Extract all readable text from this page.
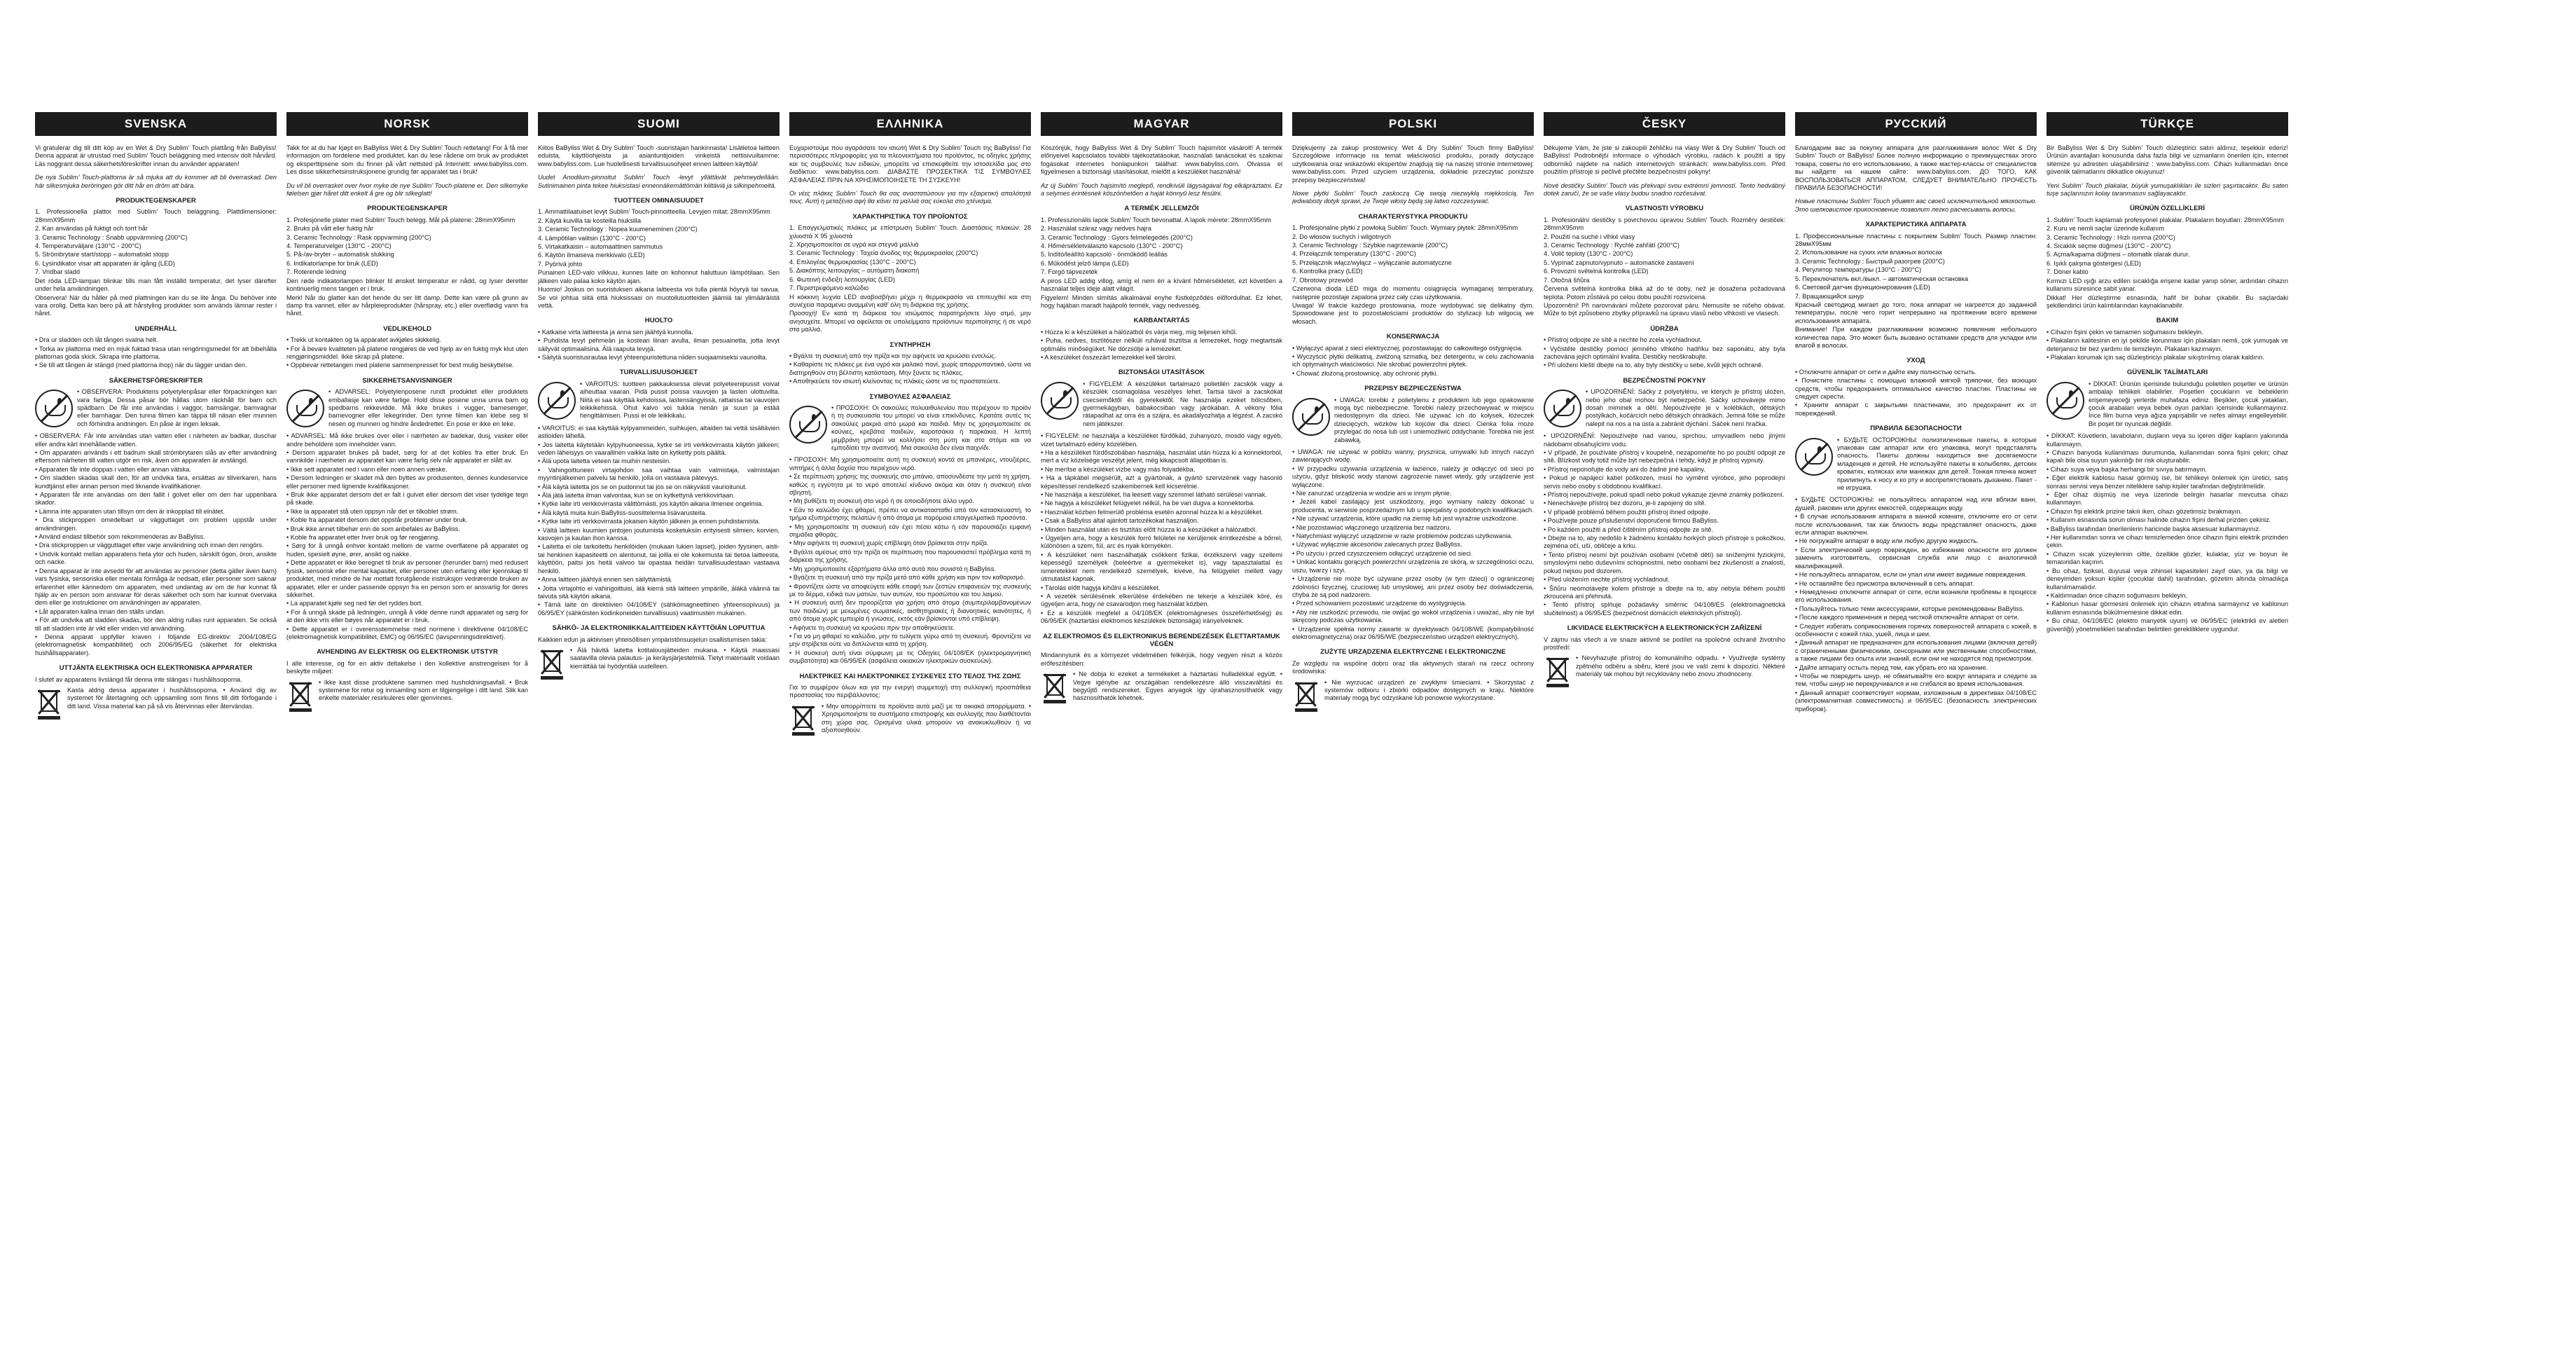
SVENSKA

Vi gratulerar dig till ditt köp av en Wet & Dry Sublim’ Touch plattång från BaByliss! Denna apparat är utrustad med Sublim’ Touch beläggning med intensiv dolt hårvård. Läs noggrant dessa säkerhetsföreskrifter innan du använder apparaten!

De nya Sublim’ Touch-plattorna är så mjuka att du kommer att bli överraskad. Den här silkesmjuka beröringen gör ditt hår en dröm att bära.

PRODUKTEGENSKAPER
1. Professionella plattor med Sublim’ Touch beläggning. Plattdimensioner: 28mmX95mm
2. Kan användas på fuktigt och torrt hår
3. Ceramic Technology : Snabb uppvärmning (200°C)
4. Temperaturväljare (130°C - 200°C)
5. Strömbrytare start/stopp – automatiskt stopp
6. Lysindikator visar att apparaten är igång (LED)
7. Vridbar sladd
Det röda LED-lampan blinkar tills man fått inställd temperatur, det lyser därefter under hela användningen.
Observera! När du håller på med plattningen kan du se lite ånga. Du behöver inte vara orolig. Detta kan bero på att hårstyling produkter som används lämnar rester i håret.
UNDERHÅLL
• Dra ur sladden och låt tången svalna helt.
• Torka av plattorna med en mjuk fuktad trasa utan rengöringsmedel för att bibehålla plattornas goda skick. Skrapa inte plattorna.
• Se till att tången är stängd (med plattorna ihop) när du lägger undan den.
SÄKERHETSFÖRESKRIFTER
• OBSERVERA: Produktens polyetylenpåsar eller förpackningen kan vara farliga. Dessa påsar bör hållas utom räckhåll för barn och spädbarn. De får inte användas i vaggor, barnsängar, barnvagnar eller barnhagar. Den tunna filmen kan täppa till näsan eller munnen och förhindra andningen. En påse är ingen leksak.
• OBSERVERA: Får inte användas utan vatten eller i närheten av badkar, duschar eller andra kärl innehållande vatten.
• Om apparaten används i ett badrum skall strömbrytaren slås av efter användning eftersom närheten till vatten utgör en risk, även om apparaten är avstängd.
• Apparaten får inte doppas i vatten eller annan vätska.
• Om sladden skadas skall den, för att undvika fara, ersättas av tillverkaren, hans kundtjänst eller annan person med liknande kvalifikationer.
• Apparaten får inte användas om den fallit i golvet eller om den har uppenbara skador.
• Lämna inte apparaten utan tillsyn om den är inkopplad till elnätet.
• Dra stickproppen omedelbart ur vägguttaget om problem uppstår under användningen.
• Använd endast tillbehör som rekommenderas av BaByliss.
• Dra stickproppen ur vägguttaget efter varje användning och innan den rengörs.
• Undvik kontakt mellan apparatens heta ytor och huden, särskilt ögon, öron, ansikte och nacke.
• Denna apparat är inte avsedd för att användas av personer (detta gäller även barn) vars fysiska, sensoriska eller mentala förmåga är nedsatt, eller personer som saknar erfarenhet eller kännedom om apparaten, med undantag av om de har kunnat få hjälp av en person som ansvarar för deras säkerhet och som har kunnat övervaka dem eller ge instruktioner om användningen av apparaten.
• Låt apparaten kallna innan den ställs undan.
• För att undvika att sladden skadas, bör den aldrig rullas runt apparaten. Se också till att sladden inte är vikt eller vriden vid användning.
• Denna apparat uppfyller kraven i följande EG-direktiv: 2004/108/EG (elektromagnetisk kompatibilitet) och 2006/95/EG (säkerhet för elektriska hushållsapparater).
UTTJÄNTA ELEKTRISKA OCH ELEKTRONISKA APPARATER
I slutet av apparatens livslängd får denna inte slängas i hushållssoporna.
Kasta aldrig dessa apparater i hushållssoporna. • Använd dig av systemet för återtagning och uppsamling som finns till ditt förfogande i ditt land. Vissa material kan på så vis återvinnas eller återvändas.
NORSK

Takk for at du har kjøpt en BaByliss Wet & Dry Sublim’ Touch rettetang! For å få mer informasjon om fordelene med produktet, kan du lese rådene om bruk av produktet og eksperttipsene som du finner på vårt nettsted på Internett: www.babyliss.com. Les disse sikkerhetsinstruksjonene grundig før apparatet tas i bruk!

Du vil bli overrasket over hvor myke de nye Sublim’ Touch-platene er. Den silkemyke følelsen gjør håret ditt enkelt å gre og blir silkeglatt!

PRODUKTEGENSKAPER
1. Profesjonelle plater med Sublim’ Touch belegg. Mål på platene: 28mmX95mm
2. Bruks på vått eller fuktig hår
3. Ceramic Technology : Rask oppvarming (200°C)
4. Temperaturvelger (130°C - 200°C)
5. På-/av-bryter – automatisk slukking
6. Indikatorlampe for bruk (LED)
7. Roterende ledning
Den røde indikatorlampen blinker til ønsket temperatur er nådd, og lyser deretter kontinuerlig mens tangen er i bruk.
Merk! Når du glatter kan det hende du ser litt damp. Dette kan være på grunn av damp fra vannet, eller av hårpleieprodukter (hårspray, etc.) eller overflødig vann fra håret.
VEDLIKEHOLD
• Trekk ut kontakten og la apparatet avkjøles skikkelig.
• For å bevare kvaliteten på platene rengjøres de ved hjelp av en fuktig myk klut uten rengjøringsmiddel. Ikke skrap på platene.
• Oppbevar rettetangen med platene sammenpresset for best mulig beskyttelse.
SIKKERHETSANVISNINGER
• ADVARSEL: Polyetylenposene rundt produktet eller produktets emballasje kan være farlige. Hold disse posene unna unna barn og spedbarns rekkevidde. Må ikke brukes i vugger, barnesenger, barnevogner eller lekegrinder. Den tynne filmen kan klebe seg til nesen og munnen og hindre åndedrettet. En pose er ikke en leke.
• ADVARSEL: Må ikke brukes over eller i nærheten av badekar, dusj, vasker eller andre beholdere som inneholder vann.
• Dersom apparatet brukes på badet, sørg for at det kobles fra etter bruk. En vannkilde i nærheten av apparatet kan være farlig selv når apparatet er slått av.
• Ikke sett apparatet ned i vann eller noen annen væske.
• Dersom ledningen er skadet må den byttes av produsenten, dennes kundeservice eller personer med lignende kvalifikasjoner.
• Bruk ikke apparatet dersom det er falt i gulvet eller dersom det viser tydelige tegn på skade.
• Ikke la apparatet stå uten oppsyn når det er tilkoblet strøm.
• Koble fra apparatet dersom det oppstår problemer under bruk.
• Bruk ikke annet tilbehør enn de som anbefales av BaByliss.
• Koble fra apparatet etter hver bruk og før rengjøring.
• Sørg for å unngå enhver kontakt mellom de varme overflatene på apparatet og huden, spesielt øyne, ører, ansikt og nakke.
• Dette apparatet er ikke beregnet til bruk av personer (herunder barn) med redusert fysisk, sensorisk eller mental kapasitet, eller personer uten erfaring eller kjennskap til produktet, med mindre de har mottatt forutgående instruksjon vedrørende bruken av apparatet, eller er under passende oppsyn fra en person som er ansvarlig for deres sikkerhet.
• La apparatet kjøle seg ned før det ryddes bort.
• For å unngå skade på ledningen, unngå å vikle denne rundt apparatet og sørg for at den ikke vris eller bøyes når apparatet er i bruk.
• Dette apparatet er i overensstemmelse med normene i direktivene 04/108/EC (elektromagnetisk kompatibilitet, EMC) og 06/95/EC (lavspenningsdirektivet).
AVHENDING AV ELEKTRISK OG ELEKTRONISK UTSTYR
I alle interesse, og for en aktiv deltakelse i den kollektive anstrengelsen for å beskytte miljøet:
• Ikke kast disse produktene sammen med husholdningsavfall. • Bruk systemene for retur og innsamling som er tilgjengelige i ditt land. Slik kan enkelte materialer resirkuleres eller gjenvinnes.
SUOMI

Kiitos BaByliss Wet & Dry Sublim’ Touch -suoristajan hankinnasta! Lisätietoa laitteen eduista, käyttöohjeista ja asiantuntijoiden vinkeistä nettisivuiltamme: www.babyliss.com. Lue huolellisesti turvallisuusohjeet ennen laitteen käyttöä!

Uudet Anodilum-pinnoitut Sublim’ Touch -levyt yllättävät pehmeydellään. Sutinimainen pinta tekee hiuksistasi ennennäkemättömän kiiltäviä ja silkinpehmeitä.

TUOTTEEN OMINAISUUDET
1. Ammattilaatuiset levyt Sublim’ Touch-pinnoitteella. Levyjen mitat: 28mmX95mm
2. Käytä kuivilla tai kosteilla hiuksilla
3. Ceramic Technology : Nopea kuumeneminen (200°C)
4. Lämpötilan valitsin (130°C - 200°C)
5. Virtakatkaisin – automaattinen sammutus
6. Käytön ilmaiseva merkkivalo (LED)
7. Pyörivä johto
Punainen LED-valo vilkkuu, kunnes laite on kohonnut haluttuun lämpötilaan. Sen jälkeen valo palaa koko käytön ajan.
Huomio! Joskus on suoristuksen aikana laitteesta voi tulla pientä höyryä tai savua. Se voi johtua siitä että hiuksissasi on muotoilutuotteiden jäämiä tai ylimääräistä vettä.
HUOLTO
• Katkaise virta laitteesta ja anna sen jäähtyä kunnolla.
• Puhdista levyt pehmeän ja kostean liinan avulla, ilman pesuainetta, jotta levyt säilyvät optimaalisina. Älä raaputa levyjä.
• Säilytä suoristusrautaa levyt yhteenpuristettuna niiden suojaamiseksi vaurioilta.
TURVALLISUUSOHJEET
• VAROITUS: tuotteen pakkauksessa olevat polyeteenipussit voivat aiheuttaa vaaran. Pidä pussit poissa vauvojen ja lasten ulottuvilta. Niitä ei saa käyttää kehdoissa, lastensängyissä, rattaissa tai vauvojen leikkikehissä. Ohut kalvo voi tukkia nenän ja suun ja estää hengittämisen. Pussi ei ole leikkikalu.
• VAROITUS: ei saa käyttää kylpyammeiden, suihkujen, altaiden tai vettä sisältävien astioiden lähellä.
• Jos laitetta käytetään kylpyhuoneessa, kytke se irti verkkovirrasta käytön jälkeen; veden läheisyys on vaarallinen vaikka laite on kytketty pois päältä.
• Älä upota laitetta veteen tai muihin nesteisiin.
• Vahingoittuneen virtajohdon saa vaihtaa vain valmistaja, valmistajan myyntinjälkeinen palvelu tai henkilö, jolla on vastaava pätevyys.
• Älä käytä laitetta jos se on pudonnut tai jos se on näkyvästi vaurioitunut.
• Älä jätä laitetta ilman valvontaa, kun se on kytkettynä verkkovirtaan.
• Kytke laite irti verkkovirrasta välittömästi, jos käytön aikana ilmenee ongelmia.
• Älä käytä muita kuin BaByliss-suosittelemia lisävarusteita.
• Kytke laite irti verkkovirrasta jokaisen käytön jälkeen ja ennen puhdistamista.
• Vältä laitteen kuumien pintojen joutumista kosketuksiin erityisesti silmien, korvien, kasvojen ja kaulan ihon kanssa.
• Laitetta ei ole tarkoitettu henkilöiden (mukaan lukien lapset), joiden fyysinen, aisti- tai henkinen kapasiteetti on alentunut, tai joilla ei ole kokemusta tai tietoa laitteesta, käyttöön, paitsi jos heitä valvoo tai opastaa heidän turvallisuudestaan vastaava henkilö.
• Anna laitteen jäähtyä ennen sen säilyttämistä.
• Jotta virtajohto ei vahingoittuisi, älä kierrä sitä laitteen ympärille, äläkä väännä tai taivuta sitä käytön aikana.
• Tämä laite on direktiivien 04/108/EY (sähkömagneettinen yhteensopivuus) ja 06/95/EY (sähköisten kodinkoneiden turvallisuus) vaatimusten mukainen.
SÄHKÖ- JA ELEKTRONIIKKALAITTEIDEN KÄYTTÖIÄN LOPUTTUA
Kaikkien edun ja aktiivisen yhteisöllisen ympäristönsuojelun osallistumisen takia:
• Älä hävitä laitetta kotitalousjätteiden mukana. • Käytä maassasi saatavilla olevia palautus- ja keräysjärjestelmiä. Tietyt materiaalit voidaan kierrättää tai hyödyntää uudelleen.
ΕΛΛΗΝΙΚΑ

Ευχαριστούμε που αγοράσατε τον ισιωτή Wet & Dry Sublim’ Touch της BaByliss! Για περισσότερες πληροφορίες για τα πλεονεκτήματα του προϊόντος, τις οδηγίες χρήσης και τις συμβουλές των ειδικών, μπορείτε να επισκεφθείτε την ιστοσελίδα μας στο διαδίκτυο: www.babyliss.com. ΔΙΑΒΑΣΤΕ ΠΡΟΣΕΚΤΙΚΑ ΤΙΣ ΣΥΜΒΟΥΛΕΣ ΑΣΦΑΛΕΙΑΣ ΠΡΙΝ ΝΑ ΧΡΗΣΙΜΟΠΟΙΗΣΕΤΕ ΤΗ ΣΥΣΚΕΥΗ!

Οι νέες πλάκες Sublim’ Touch θα σας αναστατώσουν για την εξαιρετική απαλότητά τους. Αυτή η μεταξένια αφή θα κάνει τα μαλλιά σας εύκολα στο χτένισμα.

ΧΑΡΑΚΤΗΡΙΣΤΙΚΑ ΤΟΥ ΠΡΟΪΟΝΤΟΣ
1. Επαγγελματικές πλάκες με επίστρωση Sublim’ Touch. Διαστάσεις πλακών: 28 χιλιοστά X 95 χιλιοστά
2. Χρησιμοποιείται σε υγρά και στεγνά μαλλιά
3. Ceramic Technology : Ταχεία άνοδος της θερμοκρασίας (200°C)
4. Επιλογέας θερμοκρασίας (130°C - 200°C)
5. Διακόπτης λειτουργίας – αυτόματη διακοπή
6. Φωτεινή ένδειξη λειτουργίας (LED)
7. Περιστρεφόμενο καλώδιο
Η κόκκινη λυχνία LED αναβοσβήνει μέχρι η θερμοκρασία να επιτευχθεί και στη συνέχεια παραμένει αναμμένη καθ' όλη τη διάρκεια της χρήσης.
Προσοχή! Εν κατά τη διάρκεια του ισιώματος παρατηρήσετε λίγο ατμό, μην ανησυχείτε. Μπορεί να οφείλεται σε υπολείμματα προϊόντων περιποίησης ή σε νερό στα μαλλιά.
ΣΥΝΤΗΡΗΣΗ
• Βγάλτε τη συσκευή από την πρίζα και την αφήνετε να κρυώσει εντελώς.
• Καθαρίστε τις πλάκες με ένα υγρό και μαλακό πανί, χωρίς απορρυπαντικό, ώστε να διατηρηθούν στη βέλτιστη κατάσταση. Μην ξύνετε τις πλάκες.
• Αποθηκεύετε τον ισιωτή κλείνοντας τις πλάκες ώστε να τις προστατεύετε.
ΣΥΜΒΟΥΛΕΣ ΑΣΦΑΛΕΙΑΣ
• ΠΡΟΣΟΧΗ: Οι σακούλες πολυαιθυλενίου που περιέχουν το προϊόν ή τη συσκευασία του μπορεί να είναι επικίνδυνες. Κρατάτε αυτές τις σακούλες μακριά από μωρά και παιδιά. Μην τις χρησιμοποιείτε σε κούνιες, κρεβάτια παιδιών, καροτσάκια ή παρκάκια. Η λεπτή μεμβράνη μπορεί να κολλήσει στη μύτη και στο στόμα και να εμποδίσει την αναπνοή. Μια σακούλα δεν είναι παιχνίδι.
• ΠΡΟΣΟΧΗ: Μη χρησιμοποιείτε αυτή τη συσκευή κοντά σε μπανιέρες, ντουζιέρες, νιπτήρες ή άλλα δοχεία που περιέχουν νερό.
• Σε περίπτωση χρήσης της συσκευής στο μπάνιο, αποσυνδέστε την μετά τη χρήση, καθώς η εγγύτητα με το νερό αποτελεί κίνδυνο ακόμα και όταν η συσκευή είναι σβηστή.
• Μη βυθίζετε τη συσκευή στο νερό ή σε οποιοδήποτε άλλο υγρό.
• Εάν το καλώδιο έχει φθαρεί, πρέπει να αντικατασταθεί από τον κατασκευαστή, το τμήμα εξυπηρέτησης πελατών ή από άτομα με παρόμοια επαγγελματικά προσόντα.
• Μη χρησιμοποιείτε τη συσκευή εάν έχει πέσει κάτω ή εάν παρουσιάζει εμφανή σημάδια φθοράς.
• Μην αφήνετε τη συσκευή χωρίς επίβλεψη όταν βρίσκεται στην πρίζα.
• Βγάλτε αμέσως από την πρίζα σε περίπτωση που παρουσιαστεί πρόβλημα κατά τη διάρκεια της χρήσης.
• Μη χρησιμοποιείτε εξαρτήματα άλλα από αυτά που συνιστά η BaByliss.
• Βγάζετε τη συσκευή από την πρίζα μετά από κάθε χρήση και πριν τον καθαρισμό.
• Φροντίζετε ώστε να αποφεύγετε κάθε επαφή των ζεστών επιφανειών της συσκευής με το δέρμα, ειδικά των ματιών, των αυτιών, του προσώπου και του λαιμού.
• Η συσκευή αυτή δεν προορίζεται για χρήση από άτομα (συμπεριλαμβανομένων των παιδιών) με μειωμένες σωματικές, αισθητηριακές ή διανοητικές ικανότητες, ή από άτομα χωρίς εμπειρία ή γνώσεις, εκτός εάν βρίσκονται υπό επίβλεψη.
• Αφήνετε τη συσκευή να κρυώσει πριν την αποθηκεύσετε.
• Για να μη φθαρεί το καλώδιο, μην το τυλίγετε γύρω από τη συσκευή. Φροντίζετε να μην στρίβεται ούτε να διπλώνεται κατά τη χρήση.
• Η συσκευή αυτή είναι σύμφωνη με τις Οδηγίες 04/108/ΕΚ (ηλεκτρομαγνητική συμβατότητα) και 06/95/ΕΚ (ασφάλεια οικιακών ηλεκτρικών συσκευών).
ΗΛΕΚΤΡΙΚΕΣ ΚΑΙ ΗΛΕΚΤΡΟΝΙΚΕΣ ΣΥΣΚΕΥΕΣ ΣΤΟ ΤΕΛΟΣ ΤΗΣ ΖΩΗΣ
Για το συμφέρον όλων και για την ενεργή συμμετοχή στη συλλογική προσπάθεια προστασίας του περιβάλλοντος:
• Μην απορρίπτετε τα προϊόντα αυτά μαζί με τα οικιακά απορρίμματα. • Χρησιμοποιήστε τα συστήματα επιστροφής και συλλογής που διαθέτονται στη χώρα σας. Ορισμένα υλικά μπορούν να ανακυκλωθούν ή να αξιοποιηθούν.
MAGYAR

Köszönjük, hogy BaByliss Wet & Dry Sublim’ Touch hajsimítót vásárolt! A termék előnyeivel kapcsolatos további tájékoztatásokat, használati tanácsokat és szakmai fogásokat internetes honlapunkon találhat: www.babyliss.com. Olvassa el figyelmesen a biztonsági utasításokat, mielőtt a készüléket használná!

Az új Sublim’ Touch hajsimító meglepő, rendkívüli lágyságával fog elkápráztatni. Ez a selymes érintésnek köszönhetően a haját könnyű lesz fésülni.

A TERMÉK JELLEMZŐI
1. Professzionális lapok Sublim’ Touch bevonattal. A lapok mérete: 28mmX95mm
2. Használat száraz vagy nedves hajra
3. Ceramic Technology : Gyors felmelegedés (200°C)
4. Hőmérsékletválasztó kapcsoló (130°C - 200°C)
5. Indító/leállító kapcsoló - önműködő leállás
6. Működést jelző lámpa (LED)
7. Forgó tápvezeték
A piros LED addig villog, amíg el nem éri a kívánt hőmérsékletet, ezt követően a használat teljes ideje alatt világít.
Figyelem! Minden simítás alkalmával enyhe füstképződés előfordulhat. Ez lehet, hogy hajában maradt hajápoló termék, vagy nedvesség.
KARBANTARTÁS
• Húzza ki a készüléket a hálózatból és várja meg, míg teljesen kihűl.
• Puha, nedves, tisztítószer nélküli ruhával tisztítsa a lemezeket, hogy megtartsák optimális minőségüket. Ne dörzsölje a lemezeket.
• A készüléket összezárt lemezekkel kell tárolni.
BIZTONSÁGI UTASÍTÁSOK
• FIGYELEM: A készüléket tartalmazó polietilén zacskók vagy a készülék csomagolása veszélyes lehet. Tartsa távol a zacskókat csecsemőktől és gyerekektől. Ne használja ezeket bölcsőben, gyermekágyban, babakocsiban vagy járókában. A vékony fólia rátapadhat az orra és a szájra, és akadályozhatja a légzést. A zacskó nem játékszer.
• FIGYELEM: ne használja a készüléket fürdőkád, zuhanyozó, mosdó vagy egyéb, vizet tartalmazó edény közelében.
• Ha a készüléket fürdőszobában használja, használat után húzza ki a konnektorból, mert a víz közelsége veszélyt jelent, még kikapcsolt állapotban is.
• Ne merítse a készüléket vízbe vagy más folyadékba.
• Ha a tápkábel megsérült, azt a gyártónak, a gyártó szervizének vagy hasonló képesítéssel rendelkező szakembernek kell kicserélnie.
• Ne használja a készüléket, ha leesett vagy szemmel látható sérülései vannak.
• Ne hagyja a készüléket felügyelet nélkül, ha be van dugva a konnektorba.
• Használat közben felmerülő probléma esetén azonnal húzza ki a készüléket.
• Csak a BaByliss által ajánlott tartozékokat használjon.
• Minden használat után és tisztítás előtt húzza ki a készüléket a hálózatból.
• Ügyeljen arra, hogy a készülék forró felületei ne kerüljenek érintkezésbe a bőrrel, különösen a szem, fül, arc és nyak környékén.
• A készüléket nem használhatják csökkent fizikai, érzékszervi vagy szellemi képességű személyek (beleértve a gyermekeket is), vagy tapasztalattal és ismeretekkel nem rendelkező személyek, kivéve, ha felügyelet mellett vagy útmutatást kapnak.
• Tárolás előtt hagyja kihűlni a készüléket.
• A vezeték sérülésének elkerülése érdekében ne tekerje a készülék köré, és ügyeljen arra, hogy ne csavarodjon meg használat közben.
• Ez a készülék megfelel a 04/108/EK (elektromágneses összeférhetőség) és 06/95/EK (háztartási elektromos készülékek biztonsága) irányelveknek.
AZ ELEKTROMOS ÉS ELEKTRONIKUS BERENDEZÉSEK ÉLETTARTAMUK VÉGÉN
Mindannyiunk és a környezet védelmében felkérjük, hogy vegyen részt a közös erőfeszítésben:
• Ne dobja ki ezeket a termékeket a háztartási hulladékkal együtt. • Vegye igénybe az országában rendelkezésre álló visszaváltási és begyűjtő rendszereket. Egyes anyagok így újrahasznosíthatók vagy hasznosíthatók lehetnek.
POLSKI

Dziękujemy za zakup prostownicy Wet & Dry Sublim’ Touch firmy BaByliss! Szczegółowe informacje na temat właściwości produktu, porady dotyczące użytkowania oraz wskazówki ekspertów znajdują się na naszej stronie internetowej: www.babyliss.com. Przed użyciem urządzenia, dokładnie przeczytać poniższe przepisy bezpieczeństwa!

Nowe płytki Sublim’ Touch zaskoczą Cię swoją niezwykłą miękkością. Ten jedwabisty dotyk sprawi, że Twoje włosy będą się łatwo rozczesywać.

CHARAKTERYSTYKA PRODUKTU
1. Profesjonalne płytki z powłoką Sublim’ Touch. Wymiary płytek: 28mmX95mm
2. Do włosów suchych i wilgotnych
3. Ceramic Technology : Szybkie nagrzewanie (200°C)
4. Przełącznik temperatury (130°C - 200°C)
5. Przełącznik włącz/wyłącz – wyłączanie automatyczne
6. Kontrolka pracy (LED)
7. Obrotowy przewód
Czerwona dioda LED miga do momentu osiągnięcia wymaganej temperatury, następnie pozostaje zapalona przez cały czas użytkowania.
Uwaga! W trakcie każdego prostowania, może wydobywać się delikatny dym. Spowodowane jest to pozostałościami produktów do stylizacji lub wilgocią we włosach.
KONSERWACJA
• Wyłączyć aparat z sieci elektrycznej, pozostawiając do całkowitego ostygnięcia.
• Wyczyścić płytki delikatną, zwilżoną szmatką, bez detergentu, w celu zachowania ich optymalnych właściwości. Nie skrobać powierzchni płytek.
• Chować złożoną prostownicę, aby ochronić płytki.
PRZEPISY BEZPIECZEŃSTWA
• UWAGA: torebki z polietylenu z produktem lub jego opakowanie mogą być niebezpieczne. Torebki należy przechowywać w miejscu niedostępnym dla dzieci. Nie używać ich do kołysek, łóżeczek dziecięcych, wózków lub kojców dla dzieci. Cienka folia może przylegać do nosa lub ust i uniemożliwić oddychanie. Torebka nie jest zabawką.
• UWAGA: nie używać w pobliżu wanny, prysznica, umywalki lub innych naczyń zawierających wodę.
• W przypadku używania urządzenia w łazience, należy je odłączyć od sieci po użyciu, gdyż bliskość wody stanowi zagrożenie nawet wtedy, gdy urządzenie jest wyłączone.
• Nie zanurzać urządzenia w wodzie ani w innym płynie.
• Jeżeli kabel zasilający jest uszkodzony, jego wymiany należy dokonać u producenta, w serwisie posprzedażnym lub u specjalisty o podobnych kwalifikacjach.
• Nie używać urządzenia, które upadło na ziemię lub jest wyraźnie uszkodzone.
• Nie pozostawiać włączonego urządzenia bez nadzoru.
• Natychmiast wyłączyć urządzenie w razie problemów podczas użytkowania.
• Używać wyłącznie akcesoriów zalecanych przez BaByliss.
• Po użyciu i przed czyszczeniem odłączyć urządzenie od sieci.
• Unikać kontaktu gorących powierzchni urządzenia ze skórą, w szczególności oczu, uszu, twarzy i szyi.
• Urządzenie nie może być używane przez osoby (w tym dzieci) o ograniczonej zdolności fizycznej, czuciowej lub umysłowej, ani przez osoby bez doświadczenia, chyba że są pod nadzorem.
• Przed schowaniem pozostawić urządzenie do wystygnięcia.
• Aby nie uszkodzić przewodu, nie owijać go wokół urządzenia i uważać, aby nie był skręcony podczas użytkowania.
• Urządzenie spełnia normy zawarte w dyrektywach 04/108/WE (kompatybilność elektromagnetyczna) oraz 06/95/WE (bezpieczeństwo urządzeń elektrycznych).
ZUŻYTE URZĄDZENIA ELEKTRYCZNE I ELEKTRONICZNE
Ze względu na wspólne dobro oraz dla aktywnych starań na rzecz ochrony środowiska:
• Nie wyrzucać urządzeń ze zwykłymi śmieciami. • Skorzystać z systemów odbioru i zbiórki odpadów dostępnych w kraju. Niektóre materiały mogą być odzyskane lub ponownie wykorzystane.
ČESKY

Děkujeme Vám, že jste si zakoupili žehličku na vlasy Wet & Dry Sublim’ Touch od BaByliss! Podrobnější informace o výhodách výrobku, radách k použití a tipy odborníků najdete na našich internetových stránkách: www.babyliss.com. Před použitím přístroje si pečlivě přečtěte bezpečnostní pokyny!

Nové destičky Sublim’ Touch vás překvapí svou extrémní jemností. Tento hedvábný dotek zaručí, že se vaše vlasy budou snadno rozčesávat.

VLASTNOSTI VÝROBKU
1. Profesionální destičky s povrchovou úpravou Sublim’ Touch. Rozměry destiček: 28mmX95mm
2. Použití na suché i vlhké vlasy
3. Ceramic Technology : Rychlé zahřátí (200°C)
4. Volič teploty (130°C - 200°C)
5. Vypínač zapnuto/vypnuto – automatické zastavení
6. Provozní světelná kontrolka (LED)
7. Otočná šňůra
Červená světelná kontrolka bliká až do té doby, než je dosažena požadovaná teplota. Potom zůstává po celou dobu použití rozsvícena.
Upozornění! Při narovnávání můžete pozorovat páru. Nemusíte se ničeho obávat. Může to být způsobeno zbytky přípravků na úpravu vlasů nebo vlhkostí ve vlasech.
ÚDRŽBA
• Přístroj odpojte ze sítě a nechte ho zcela vychladnout.
• Vyčistěte destičky pomocí jemného vlhkého hadříku bez saponátu, aby byla zachována jejich optimální kvalita. Destičky neoškrabujte.
• Při uložení kleští dbejte na to, aby byly destičky u sebe, kvůli jejich ochraně.
BEZPEČNOSTNÍ POKYNY
• UPOZORNĚNÍ: Sáčky z polyetylénu, ve kterých je přístroj uložen, nebo jeho obal mohou být nebezpečné. Sáčky uchovávejte mimo dosah miminek a dětí. Nepoužívejte je v kolébkách, dětských postýlkách, kočárcích nebo dětských ohrádkách. Jemná fólie se může nalepit na nos a na ústa a zabránit dýchání. Sáček není hračka.
• UPOZORNĚNÍ: Nepoužívejte nad vanou, sprchou, umyvadlem nebo jinými nádobami obsahujícími vodu.
• V případě, že používáte přístroj v koupelně, nezapomeňte ho po použití odpojit ze sítě. Blízkost vody totiž může být nebezpečná i tehdy, když je přístroj vypnutý.
• Přístroj neponořujte do vody ani do žádné jiné kapaliny.
• Pokud je napájecí kabel poškozen, musí ho vyměnit výrobce, jeho poprodejní servis nebo osoby s obdobnou kvalifikací.
• Přístroj nepoužívejte, pokud spadl nebo pokud vykazuje zjevné známky poškození.
• Nenechávejte přístroj bez dozoru, je-li zapojený do sítě.
• V případě problémů během použití přístroj ihned odpojte.
• Používejte pouze příslušenství doporučené firmou BaByliss.
• Po každém použití a před čištěním přístroj odpojte ze sítě.
• Dbejte na to, aby nedošlo k žádnému kontaktu horkých ploch přístroje s pokožkou, zejména očí, uší, obličeje a krku.
• Tento přístroj nesmí být používán osobami (včetně dětí) se sníženými fyzickými, smyslovými nebo duševními schopnostmi, nebo osobami bez zkušeností a znalostí, pokud nejsou pod dozorem.
• Před uložením nechte přístroj vychladnout.
• Šňůru neomotávejte kolem přístroje a dbejte na to, aby nebyla během použití zkroucená ani přehnutá.
• Tento přístroj splňuje požadavky směrnic 04/108/ES (elektromagnetická slučitelnost) a 06/95/ES (bezpečnost domácích elektrických přístrojů).
LIKVIDACE ELEKTRICKÝCH A ELEKTRONICKÝCH ZAŘÍZENÍ
V zájmu nás všech a ve snaze aktivně se podílet na společné ochraně životního prostředí:
• Nevyhazujte přístroj do komunálního odpadu. • Využívejte systémy zpětného odběru a sběru, které jsou ve vaší zemi k dispozici. Některé materiály tak mohou být recyklovány nebo znovu zhodnoceny.
РУССКИЙ

Благодарим вас за покупку аппарата для разглаживания волос Wet & Dry Sublim’ Touch от BaByliss! Более полную информацию о преимуществах этого товара, советы по его использованию, а также мастер-классы от специалистов вы найдете на нашем сайте: www.babyliss.com. ДО ТОГО, КАК ВОСПОЛЬЗОВАТЬСЯ АППАРАТОМ, СЛЕДУЕТ ВНИМАТЕЛЬНО ПРОЧЕСТЬ ПРАВИЛА БЕЗОПАСНОСТИ!

Новые пластины Sublim’ Touch удивят вас своей исключительной мягкостью. Это шелковистое прикосновение позволит легко расчесывать волосы.

ХАРАКТЕРИСТИКА АППАРАТА
1. Профессиональные пластины с покрытием Sublim’ Touch. Размер пластин: 28ммX95мм
2. Использование на сухих или влажных волосах
3. Ceramic Technology : Быстрый разогрев (200°C)
4. Регулятор температуры (130°C - 200°C)
5. Переключатель вкл./выкл. – автоматическая остановка
6. Световой датчик функционирования (LED)
7. Вращающийся шнур
Красный светодиод мигает до того, пока аппарат не нагреется до заданной температуры, после чего горит непрерывно на протяжении всего времени использования аппарата.
Внимание! При каждом разглаживании возможно появление небольшого количества пара. Это может быть вызвано остатками средств для укладки или влагой в волосах.
УХОД
• Отключите аппарат от сети и дайте ему полностью остыть.
• Почистите пластины с помощью влажной мягкой тряпочки, без моющих средств, чтобы предохранить оптимальное качество пластин. Пластины не следует скрести.
• Храните аппарат с закрытыми пластинами, это предохранит их от повреждений.
ПРАВИЛА БЕЗОПАСНОСТИ
• БУДЬТЕ ОСТОРОЖНЫ: полиэтиленовые пакеты, в которые упакован сам аппарат или его упаковка, могут представлять опасность. Пакеты должны находиться вне досягаемости младенцев и детей. Не используйте пакеты в колыбелях, детских кроватях, колясках или манежах для детей. Тонкая пленка может прилипнуть к носу и ко рту и воспрепятствовать дыханию. Пакет - не игрушка.
• БУДЬТЕ ОСТОРОЖНЫ: не пользуйтесь аппаратом над или вблизи ванн, душей, раковин или других емкостей, содержащих воду.
• В случае использования аппарата в ванной комнате, отключите его от сети после использования, так как близость воды представляет опасность, даже если аппарат выключен.
• Не погружайте аппарат в воду или любую другую жидкость.
• Если электрический шнур поврежден, во избежание опасности его должен заменить изготовитель, сервисная служба или лицо с аналогичной квалификацией.
• Не пользуйтесь аппаратом, если он упал или имеет видимые повреждения.
• Не оставляйте без присмотра включенный в сеть аппарат.
• Немедленно отключите аппарат от сети, если возникли проблемы в процессе его использования.
• Пользуйтесь только теми аксессуарами, которые рекомендованы BaByliss.
• После каждого применения и перед чисткой отключайте аппарат от сети.
• Следует избегать соприкосновения горячих поверхностей аппарата с кожей, в особенности с кожей глаз, ушей, лица и шеи.
• Данный аппарат не предназначен для использования лицами (включая детей) с ограниченными физическими, сенсорными или умственными способностями, а также лицами без опыта или знаний, если они не находятся под присмотром.
• Дайте аппарату остыть перед тем, как убрать его на хранение.
• Чтобы не повредить шнур, не обматывайте его вокруг аппарата и следите за тем, чтобы шнур не перекручивался и не сгибался во время использования.
• Данный аппарат соответствует нормам, изложенным в директивах 04/108/EC (электромагнитная совместимость) и 06/95/EC (безопасность электрических приборов).
TÜRKÇE

Bir BaByliss Wet & Dry Sublim’ Touch düzleştirici satın aldınız, teşekkür ederiz! Ürünün avantajları konusunda daha fazla bilgi ve uzmanların önerileri için, internet sitemize şu adresten ulaşabilirsiniz : www.babyliss.com. Cihazı kullanmadan önce güvenlik talimatlarını dikkatlice okuyunuz!

Yeni Sublim’ Touch plakalar, büyük yumuşaklıkları ile sizleri şaşırtacaktır. Bu saten tuşe saçlarınızın kolay taranmasını sağlayacaktır.

ÜRÜNÜN ÖZELLİKLERİ
1. Sublim’ Touch kaplamalı profesyonel plakalar. Plakaların boyutları: 28mmX95mm
2. Kuru ve nemli saçlar üzerinde kullanım
3. Ceramic Technology : Hızlı ısınma (200°C)
4. Sıcaklık seçme düğmesi (130°C - 200°C)
5. Açma/kapama düğmesi – otomatik olarak durur.
6. Işıklı çalışma göstergesi (LED)
7. Döner kablo
Kırmızı LED ışığı arzu edilen sıcaklığa erişene kadar yanıp söner, ardından cihazın kullanımı süresince sabit yanar.
Dikkat! Her düzleştirme esnasında, hafif bir buhar çıkabilir. Bu saçlardaki şekillendirici ürün kalıntılarından kaynaklanabilir.
BAKIM
• Cihazın fişini çekin ve tamamen soğumasını bekleyin.
• Plakaların kalitesinin en iyi şekilde korunması için plakaları nemli, çok yumuşak ve deterjansız bir bez yardımı ile temizleyin. Plakaları kazımayın.
• Plakaları korumak için saç düzleştiriciyi plakalar sıkıştırılmış olarak kaldırın.
GÜVENLİK TALİMATLARI
• DİKKAT: Ürünün içerisinde bulunduğu polietilen poşetler ve ürünün ambalajı tehlikeli olabilirler. Poşetleri çocukların ve bebeklerin erişemeyeceği yerlerde muhafaza ediniz. Beşikler, çocuk yatakları, çocuk arabaları veya bebek oyun parkları içerisinde kullanmayınız. İnce film burna veya ağıza yapışabilir ve nefes almayı engelleyebilir. Bir poşet bir oyuncak değildir.
• DİKKAT: Küvetlerin, lavaboların, duşların veya su içeren diğer kapların yakınında kullanmayın.
• Cihazın banyoda kullanılması durumunda, kullanımdan sonra fişini çekin; cihaz kapalı bile olsa suyun yakınlığı bir risk oluşturabilir.
• Cihazı suya veya başka herhangi bir sıvıya batırmayın.
• Eğer elektrik kablosu hasar görmüş ise, bir tehlikeyi önlemek için üretici, satış sonrası servisi veya benzer niteliklere sahip kişiler tarafından değiştirilmelidir.
• Eğer cihaz düşmüş ise veya üzerinde belirgin hasarlar mevcutsa cihazı kullanmayın.
• Cihazın fişi elektrik prizine takılı iken, cihazı gözetimsiz bırakmayın.
• Kullanım esnasında sorun olması halinde cihazın fişini derhal prizden çekiniz.
• BaByliss tarafından önerilenlerin haricinde başka aksesuar kullanmayınız.
• Her kullanımdan sonra ve cihazı temizlemeden önce cihazın fişini elektrik prizinden çekin.
• Cihazın sıcak yüzeylerinin ciltle, özellikle gözler, kulaklar, yüz ve boyun ile temasından kaçının.
• Bu cihaz, fiziksel, duyusal veya zihinsel kapasiteleri zayıf olan, ya da bilgi ve deneyimden yoksun kişiler (çocuklar dahil) tarafından, gözetim altında olmadıkça kullanılmamalıdır.
• Kaldırmadan önce cihazın soğumasını bekleyin.
• Kablonun hasar görmesini önlemek için cihazın etrafına sarmayınız ve kablonun kullanım esnasında bükülmemesine dikkat edin.
• Bu cihaz, 04/108/EC (elektro manyetik uyum) ve 06/95/EC (elektrikli ev aletleri güvenliği) yönetmelikleri tarafından belirtilen gerekliliklere uygundur.
